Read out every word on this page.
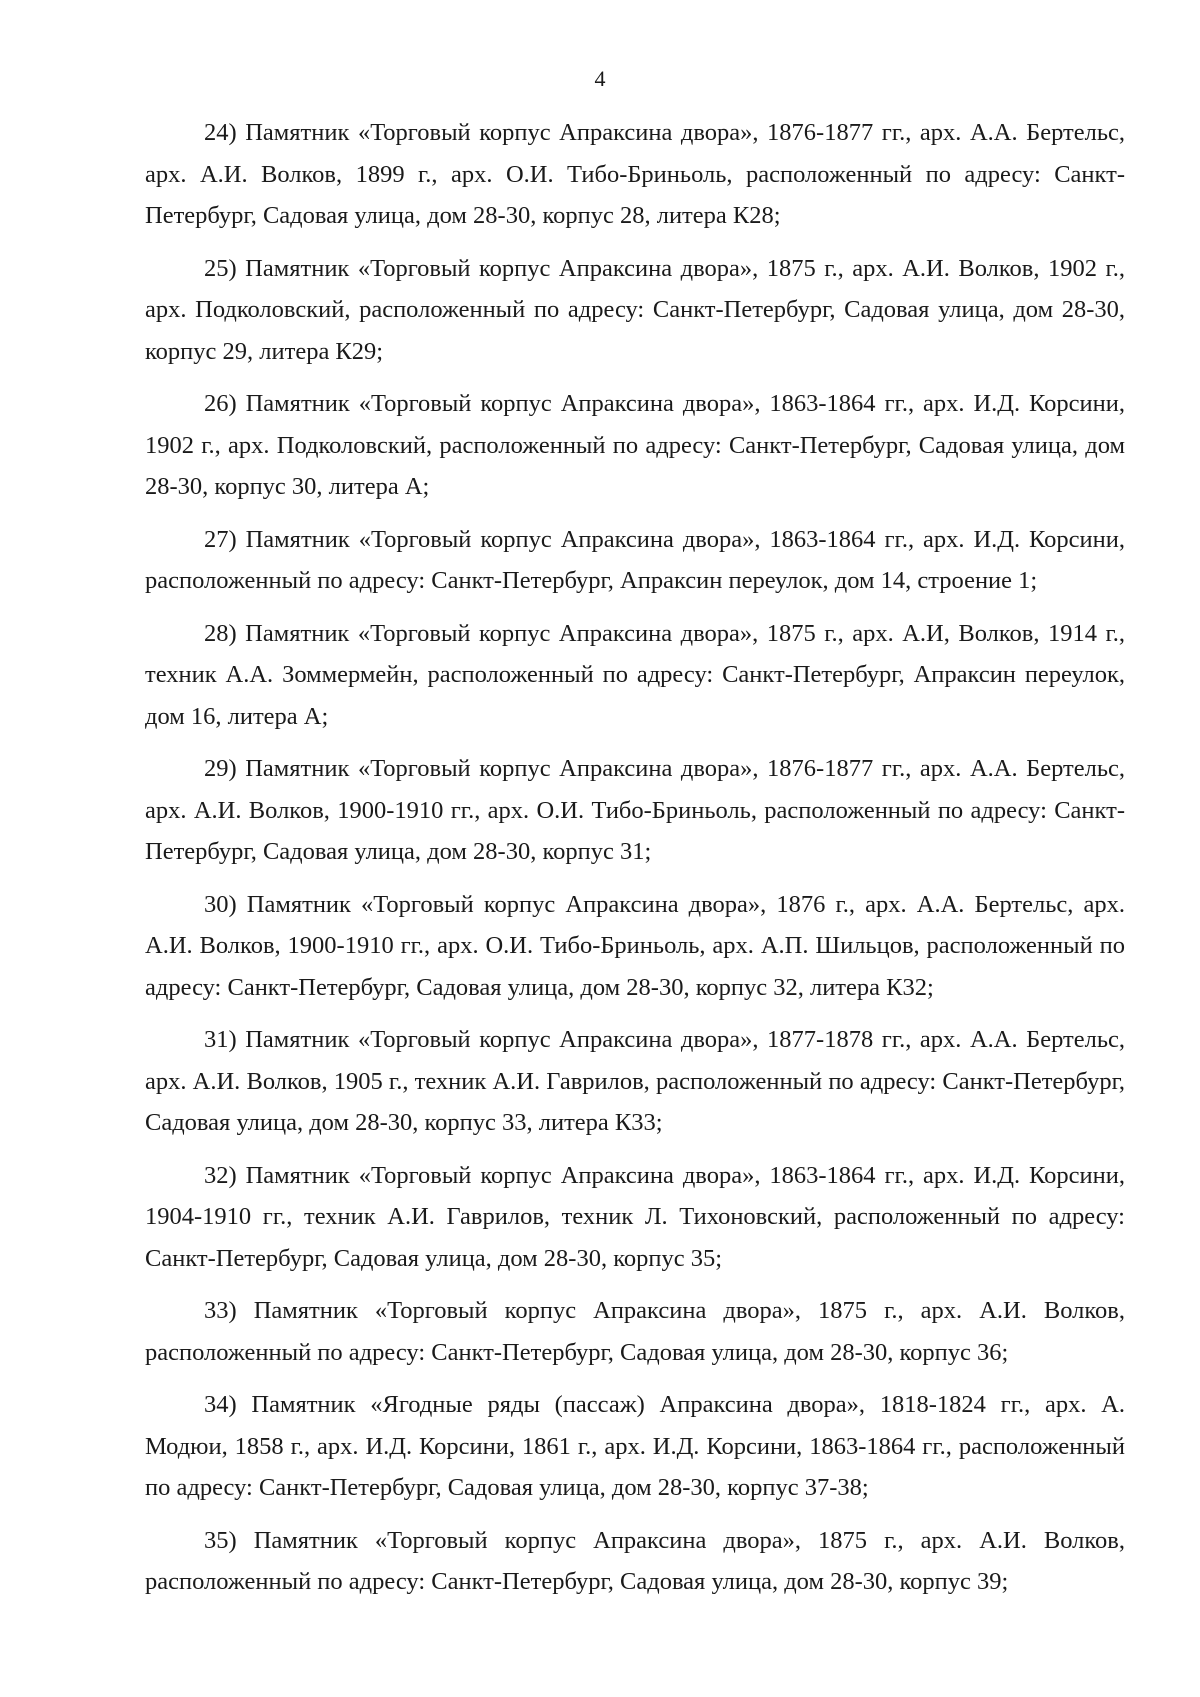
4

24) Памятник «Торговый корпус Апраксина двора», 1876-1877 гг., арх. А.А. Бертельс, арх. А.И. Волков, 1899 г., арх. О.И. Тибо-Бриньоль, расположенный по адресу: Санкт-Петербург, Садовая улица, дом 28-30, корпус 28, литера К28;

25) Памятник «Торговый корпус Апраксина двора», 1875 г., арх. А.И. Волков, 1902 г., арх. Подколовский, расположенный по адресу: Санкт-Петербург, Садовая улица, дом 28-30, корпус 29, литера К29;

26) Памятник «Торговый корпус Апраксина двора», 1863-1864 гг., арх. И.Д. Корсини, 1902 г., арх. Подколовский, расположенный по адресу: Санкт-Петербург, Садовая улица, дом 28-30, корпус 30, литера А;

27) Памятник «Торговый корпус Апраксина двора», 1863-1864 гг., арх. И.Д. Корсини, расположенный по адресу: Санкт-Петербург, Апраксин переулок, дом 14, строение 1;

28) Памятник «Торговый корпус Апраксина двора», 1875 г., арх. А.И, Волков, 1914 г., техник А.А. Зоммермейн, расположенный по адресу: Санкт-Петербург, Апраксин переулок, дом 16, литера А;

29) Памятник «Торговый корпус Апраксина двора», 1876-1877 гг., арх. А.А. Бертельс, арх. А.И. Волков, 1900-1910 гг., арх. О.И. Тибо-Бриньоль, расположенный по адресу: Санкт-Петербург, Садовая улица, дом 28-30, корпус 31;

30) Памятник «Торговый корпус Апраксина двора», 1876 г., арх. А.А. Бертельс, арх. А.И. Волков, 1900-1910 гг., арх. О.И. Тибо-Бриньоль, арх. А.П. Шильцов, расположенный по адресу: Санкт-Петербург, Садовая улица, дом 28-30, корпус 32, литера К32;

31) Памятник «Торговый корпус Апраксина двора», 1877-1878 гг., арх. А.А. Бертельс, арх. А.И. Волков, 1905 г., техник А.И. Гаврилов, расположенный по адресу: Санкт-Петербург, Садовая улица, дом 28-30, корпус 33, литера К33;

32) Памятник «Торговый корпус Апраксина двора», 1863-1864 гг., арх. И.Д. Корсини, 1904-1910 гг., техник А.И. Гаврилов, техник Л. Тихоновский, расположенный по адресу: Санкт-Петербург, Садовая улица, дом 28-30, корпус 35;

33) Памятник «Торговый корпус Апраксина двора», 1875 г., арх. А.И. Волков, расположенный по адресу: Санкт-Петербург, Садовая улица, дом 28-30, корпус 36;

34) Памятник «Ягодные ряды (пассаж) Апраксина двора», 1818-1824 гг., арх. А. Модюи, 1858 г., арх. И.Д. Корсини, 1861 г., арх. И.Д. Корсини, 1863-1864 гг., расположенный по адресу: Санкт-Петербург, Садовая улица, дом 28-30, корпус 37-38;

35) Памятник «Торговый корпус Апраксина двора», 1875 г., арх. А.И. Волков, расположенный по адресу: Санкт-Петербург, Садовая улица, дом 28-30, корпус 39;
